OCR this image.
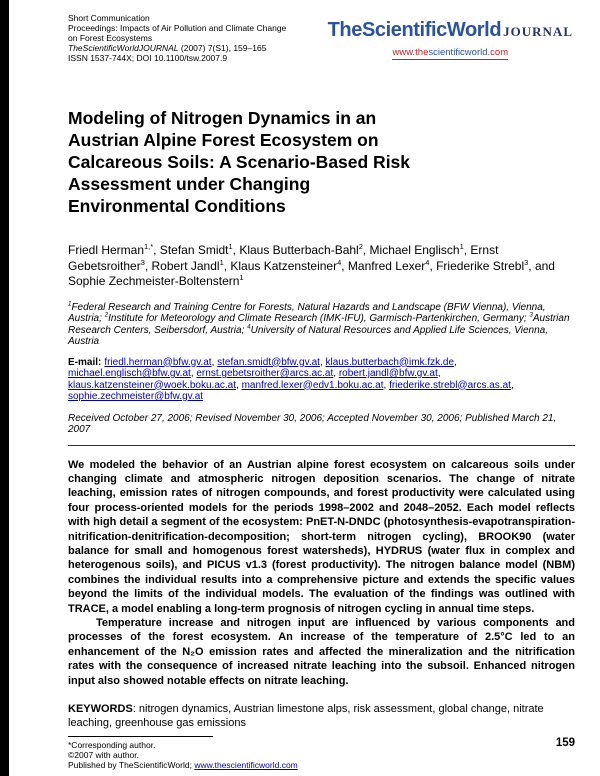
Short Communication
Proceedings: Impacts of Air Pollution and Climate Change
on Forest Ecosystems
TheScientificWorldJOURNAL (2007) 7(S1), 159–165
ISSN 1537-744X; DOI 10.1100/tsw.2007.9
TheScientificWorld JOURNAL
www.thescientificworld.com
Modeling of Nitrogen Dynamics in an
Austrian Alpine Forest Ecosystem on
Calcareous Soils: A Scenario-Based Risk
Assessment under Changing
Environmental Conditions
Friedl Herman$^{1,*}$, Stefan Smidt$^1$, Klaus Butterbach-Bahl$^2$, Michael Englisch$^1$, Ernst Gebetsroither$^3$, Robert Jandl$^1$, Klaus Katzensteiner$^4$, Manfred Lexer$^4$, Friederike Strebl$^3$, and Sophie Zechmeister-Boltenstern$^1$
$^1$Federal Research and Training Centre for Forests, Natural Hazards and Landscape (BFW Vienna), Vienna, Austria; $^2$Institute for Meteorology and Climate Research (IMK-IFU), Garmisch-Partenkirchen, Germany; $^3$Austrian Research Centers, Seibersdorf, Austria; $^4$University of Natural Resources and Applied Life Sciences, Vienna, Austria
E-mail: friedl.herman@bfw.gv.at, stefan.smidt@bfw.gv.at, klaus.butterbach@imk.fzk.de, michael.englisch@bfw.gv.at, ernst.gebetsroither@arcs.ac.at, robert.jandl@bfw.gv.at, klaus.katzensteiner@woek.boku.ac.at, manfred.lexer@edv1.boku.ac.at, friederike.strebl@arcs.as.at, sophie.zechmeister@bfw.gv.at
Received October 27, 2006; Revised November 30, 2006; Accepted November 30, 2006; Published March 21, 2007

We modeled the behavior of an Austrian alpine forest ecosystem on calcareous soils under changing climate and atmospheric nitrogen deposition scenarios. The change of nitrate leaching, emission rates of nitrogen compounds, and forest productivity were calculated using four process-oriented models for the periods 1998–2002 and 2048–2052. Each model reflects with high detail a segment of the ecosystem: PnET-N-DNDC (photosynthesis-evapotranspiration-nitrification-denitrification-decomposition; short-term nitrogen cycling), BROOK90 (water balance for small and homogenous forest watersheds), HYDRUS (water flux in complex and heterogenous soils), and PICUS v1.3 (forest productivity). The nitrogen balance model (NBM) combines the individual results into a comprehensive picture and extends the specific values beyond the limits of the individual models. The evaluation of the findings was outlined with TRACE, a model enabling a long-term prognosis of nitrogen cycling in annual time steps.

Temperature increase and nitrogen input are influenced by various components and processes of the forest ecosystem. An increase of the temperature of 2.5°C led to an enhancement of the N₂O emission rates and affected the mineralization and the nitrification rates with the consequence of increased nitrate leaching into the subsoil. Enhanced nitrogen input also showed notable effects on nitrate leaching.

KEYWORDS: nitrogen dynamics, Austrian limestone alps, risk assessment, global change, nitrate leaching, greenhouse gas emissions
*Corresponding author.
©2007 with author.
Published by TheScientificWorld; www.thescientificworld.com
159
